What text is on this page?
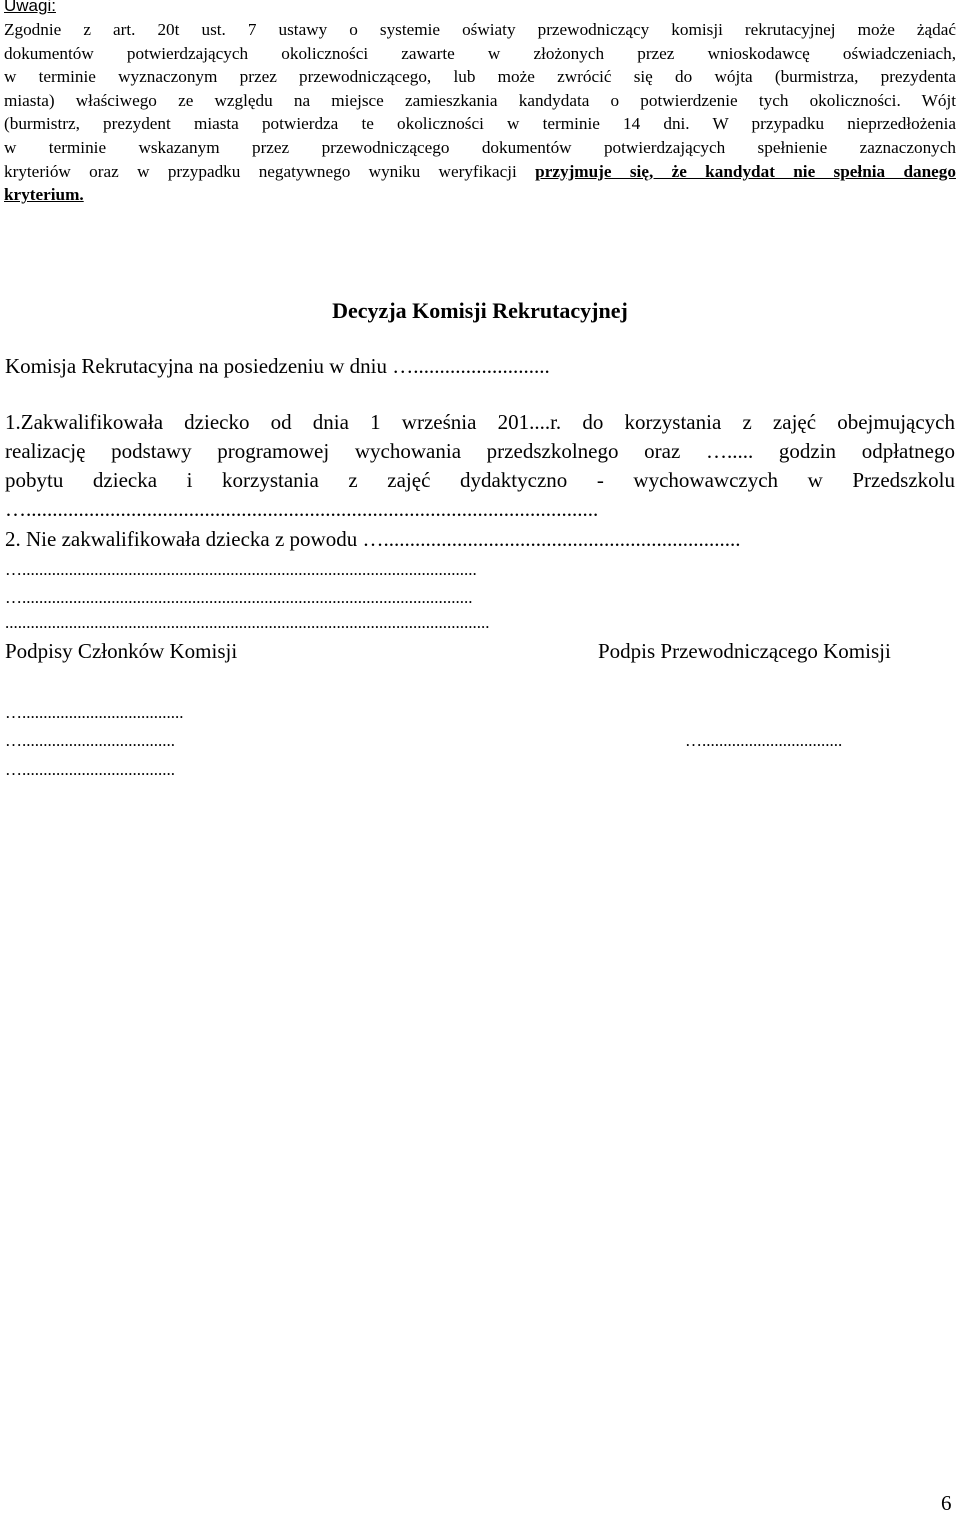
Uwagi:
Zgodnie z art. 20t ust. 7 ustawy o systemie oświaty przewodniczący komisji rekrutacyjnej może żądać
dokumentów potwierdzających okoliczności zawarte w złożonych przez wnioskodawcę oświadczeniach,
w terminie wyznaczonym przez przewodniczącego, lub może zwrócić się do wójta (burmistrza, prezydenta
miasta) właściwego ze względu na miejsce zamieszkania kandydata o potwierdzenie tych okoliczności. Wójt
(burmistrz, prezydent miasta potwierdza te okoliczności w terminie 14 dni. W przypadku nieprzedłożenia
w terminie wskazanym przez przewodniczącego dokumentów potwierdzających spełnienie zaznaczonych
kryteriów oraz w przypadku negatywnego wyniku weryfikacji przyjmuje się, że kandydat nie spełnia danego
kryterium.
Decyzja Komisji Rekrutacyjnej
Komisja Rekrutacyjna na posiedzeniu w dniu …..........................
1.Zakwalifikowała dziecko od dnia 1 września 201....r. do korzystania z zajęć obejmujących
realizację podstawy programowej wychowania przedszkolnego oraz …..... godzin odpłatnego
pobytu dziecka i korzystania z zajęć dydaktyczno - wychowawczych w Przedszkolu
….............................................................................................................
2. Nie zakwalifikowała dziecka z powodu …....................................................................
…...........................................................................................................
…..........................................................................................................
..................................................................................................................
Podpisy Członków Komisji	Podpis Przewodniczącego Komisji
…......................................
…....................................
…....................................
….................................
6
